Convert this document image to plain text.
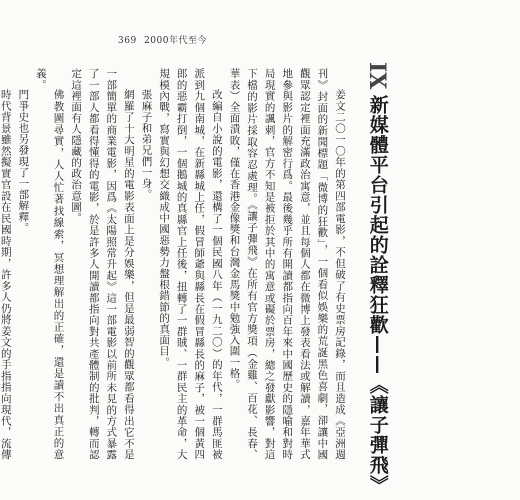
369 2000年代至今
IX
新媒體平台引起的詮釋狂歡——《讓子彈飛》

姜文二〇一〇年的第四部電影，不但破了有史票房記錄，而且造成《亞洲週刊》封面的新聞標題「微博的狂歡」，一個看似娛樂的荒誕黑色喜劇，卻讓中國觀眾認定裡面充滿政治寓意，並且每個人都在微博上發表看法或解讀，嘉年華式地參與影片的解密行爲。最後幾乎所有開讀都指向百年來中國歷史的隱喻和對時局現實的諷刺，官方不知是被拒於其中的寓意或礙於票房，總之發獻影響，對這下檔的影片採取容忍處理。《讓子彈飛》在所有官方獎項（金雞、百花、長春、華表）全面潰敗，僅在香港金像獎和台灣金馬獎中勉強入圍一格。

改編自小說的電影，還構了一個民國八年（一九二〇）的年代，一群馬匪被派到九個南城，在新縣城上任，假冒師爺與縣長在假冒縣長的麻子，被一個黃四郎的惡霸打倒，一個鵝城的真縣官上任後，扭轉了一群賊、一群民主的革命，大規模內戰，寫實與幻想交織成中國惡勢力盤根錯節的真面目。

張麻子和弟兄們一身。

網羅了十大明星的電影表面上是分娛樂，但是最弱智的觀眾都看得出它不是一部簡單的商業電影，因爲《太陽照常升起》這一部電影以前所未見的方式暴露了一部人都看得懂得的電影，於是許多人開讀都指向對共產體制的批判，轉而認定這裡面有人隱藏的政治意圖。

佛教圖尋實，人人忙著找線索，冥想理解出的正確，還是讀不出真正的意義。

門爭史也另發現了一部解釋。

時代背景雖然擬實官設在民國時期，許多人仍將姜文的手指指向現代，流傳
